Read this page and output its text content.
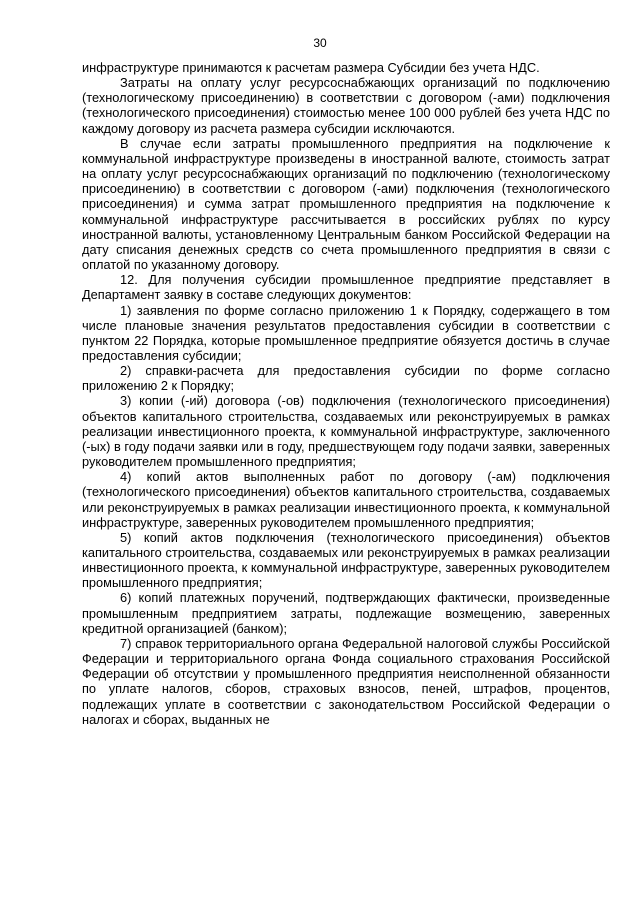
30

инфраструктуре принимаются к расчетам размера Субсидии без учета НДС.

Затраты на оплату услуг ресурсоснабжающих организаций по подключению (технологическому присоединению) в соответствии с договором (-ами) подключения (технологического присоединения) стоимостью менее 100 000 рублей без учета НДС по каждому договору из расчета размера субсидии исключаются.

В случае если затраты промышленного предприятия на подключение к коммунальной инфраструктуре произведены в иностранной валюте, стоимость затрат на оплату услуг ресурсоснабжающих организаций по подключению (технологическому присоединению) в соответствии с договором (-ами) подключения (технологического присоединения) и сумма затрат промышленного предприятия на подключение к коммунальной инфраструктуре рассчитывается в российских рублях по курсу иностранной валюты, установленному Центральным банком Российской Федерации на дату списания денежных средств со счета промышленного предприятия в связи с оплатой по указанному договору.

12. Для получения субсидии промышленное предприятие представляет в Департамент заявку в составе следующих документов:

1) заявления по форме согласно приложению 1 к Порядку, содержащего в том числе плановые значения результатов предоставления субсидии в соответствии с пунктом 22 Порядка, которые промышленное предприятие обязуется достичь в случае предоставления субсидии;

2) справки-расчета для предоставления субсидии по форме согласно приложению 2 к Порядку;

3) копии (-ий) договора (-ов) подключения (технологического присоединения) объектов капитального строительства, создаваемых или реконструируемых в рамках реализации инвестиционного проекта, к коммунальной инфраструктуре, заключенного (-ых) в году подачи заявки или в году, предшествующем году подачи заявки, заверенных руководителем промышленного предприятия;

4) копий актов выполненных работ по договору (-ам) подключения (технологического присоединения) объектов капитального строительства, создаваемых или реконструируемых в рамках реализации инвестиционного проекта, к коммунальной инфраструктуре, заверенных руководителем промышленного предприятия;

5) копий актов подключения (технологического присоединения) объектов капитального строительства, создаваемых или реконструируемых в рамках реализации инвестиционного проекта, к коммунальной инфраструктуре, заверенных руководителем промышленного предприятия;

6) копий платежных поручений, подтверждающих фактически, произведенные промышленным предприятием затраты, подлежащие возмещению, заверенных кредитной организацией (банком);

7) справок территориального органа Федеральной налоговой службы Российской Федерации и территориального органа Фонда социального страхования Российской Федерации об отсутствии у промышленного предприятия неисполненной обязанности по уплате налогов, сборов, страховых взносов, пеней, штрафов, процентов, подлежащих уплате в соответствии с законодательством Российской Федерации о налогах и сборах, выданных не
